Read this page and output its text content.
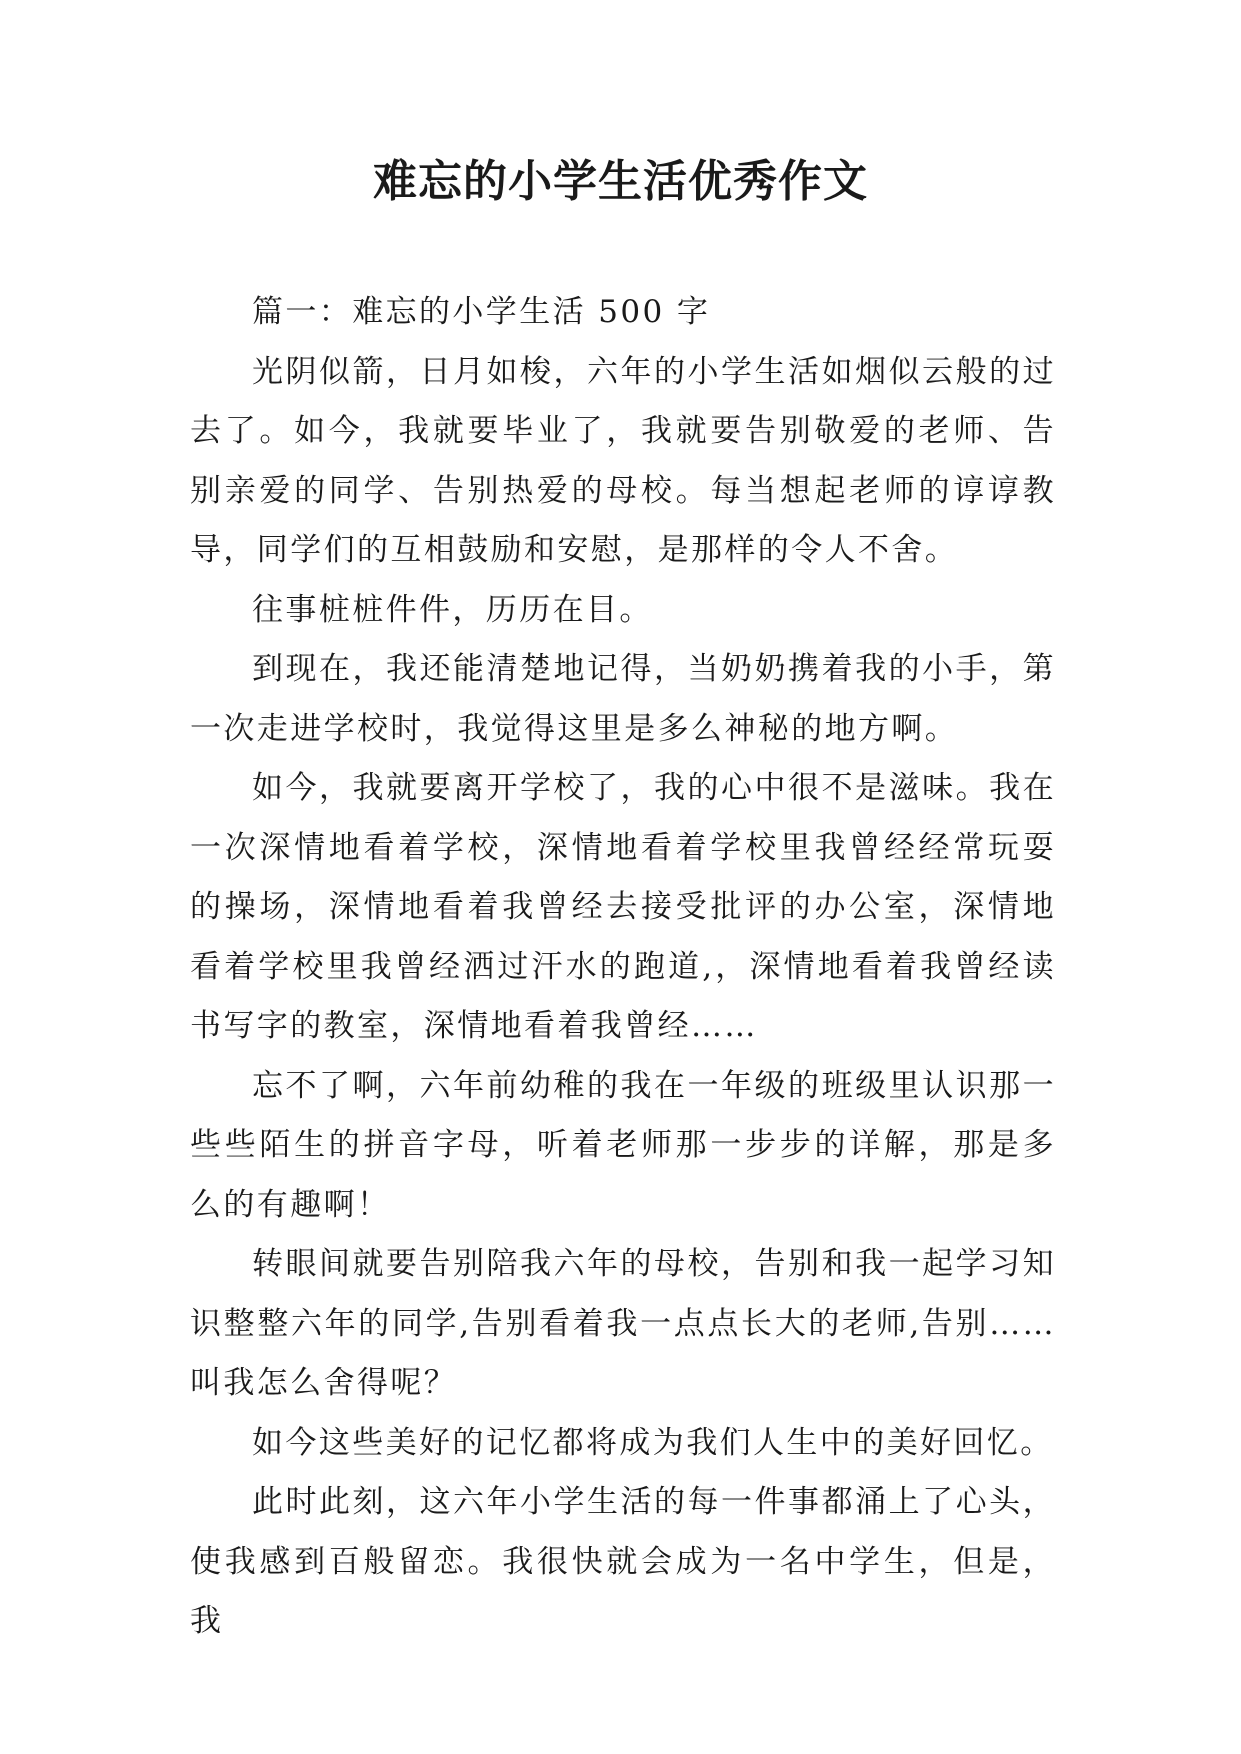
难忘的小学生活优秀作文

篇一：难忘的小学生活 500 字

光阴似箭，日月如梭，六年的小学生活如烟似云般的过去了。如今，我就要毕业了，我就要告别敬爱的老师、告别亲爱的同学、告别热爱的母校。每当想起老师的谆谆教导，同学们的互相鼓励和安慰，是那样的令人不舍。

往事桩桩件件，历历在目。

到现在，我还能清楚地记得，当奶奶携着我的小手，第一次走进学校时，我觉得这里是多么神秘的地方啊。

如今，我就要离开学校了，我的心中很不是滋味。我在一次深情地看着学校，深情地看着学校里我曾经经常玩耍的操场，深情地看着我曾经去接受批评的办公室，深情地看着学校里我曾经洒过汗水的跑道,，深情地看着我曾经读书写字的教室，深情地看着我曾经……

忘不了啊，六年前幼稚的我在一年级的班级里认识那一些些陌生的拼音字母，听着老师那一步步的详解，那是多么的有趣啊！

转眼间就要告别陪我六年的母校，告别和我一起学习知识整整六年的同学,告别看着我一点点长大的老师,告别……叫我怎么舍得呢？

如今这些美好的记忆都将成为我们人生中的美好回忆。

此时此刻，这六年小学生活的每一件事都涌上了心头，使我感到百般留恋。我很快就会成为一名中学生，但是，我
